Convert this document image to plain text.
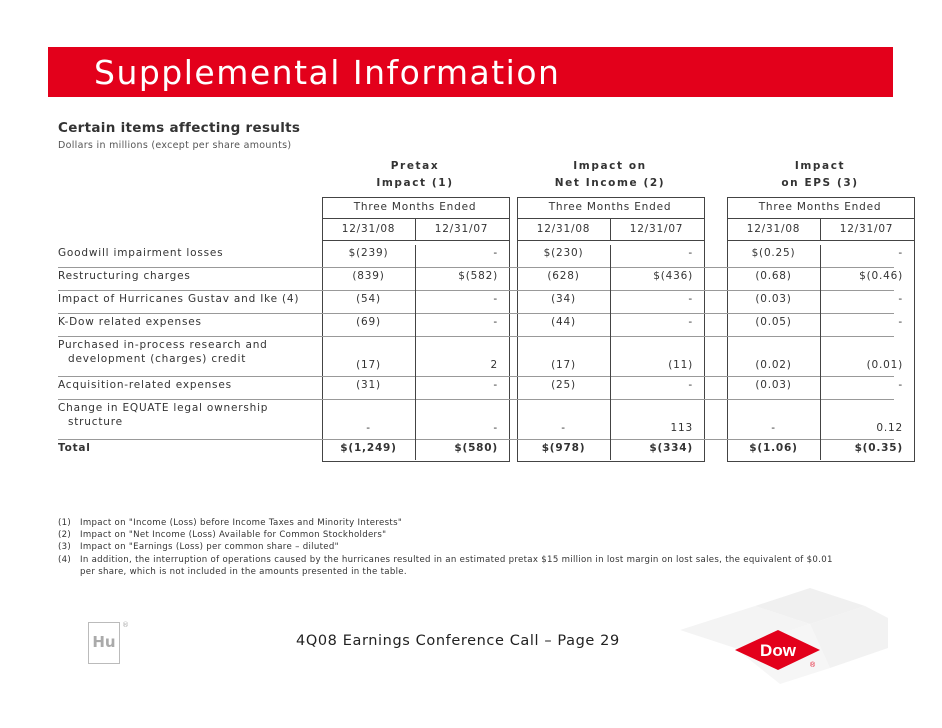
Supplemental Information
Certain items affecting results
Dollars in millions (except per share amounts)
Pretax
Impact (1)
Three Months Ended
12/31/08	12/31/07
Impact on
Net Income (2)
Three Months Ended
12/31/08	12/31/07
Impact
on EPS (3)
Three Months Ended
12/31/08	12/31/07
Goodwill impairment losses	$(239)	-	$(230)	-	$(0.25)	-
Restructuring charges	(839)	$(582)	(628)	$(436)	(0.68)	$(0.46)
Impact of Hurricanes Gustav and Ike (4)	(54)	-	(34)	-	(0.03)	-
K-Dow related expenses	(69)	-	(44)	-	(0.05)	-
Purchased in-process research and
development (charges) credit	(17)	2	(17)	(11)	(0.02)	(0.01)
Acquisition-related expenses	(31)	-	(25)	-	(0.03)	-
Change in EQUATE legal ownership
structure	-	-	-	113	-	0.12
Total	$(1,249)	$(580)	$(978)	$(334)	$(1.06)	$(0.35)
(1)	Impact on "Income (Loss) before Income Taxes and Minority Interests"
(2)	Impact on "Net Income (Loss) Available for Common Stockholders"
(3)	Impact on "Earnings (Loss) per common share – diluted"
(4)	In addition, the interruption of operations caused by the hurricanes resulted in an estimated pretax $15 million in lost margin on lost sales, the equivalent of $0.01 per share, which is not included in the amounts presented in the table.
4Q08 Earnings Conference Call – Page 29
Hu
®
Dow
®
